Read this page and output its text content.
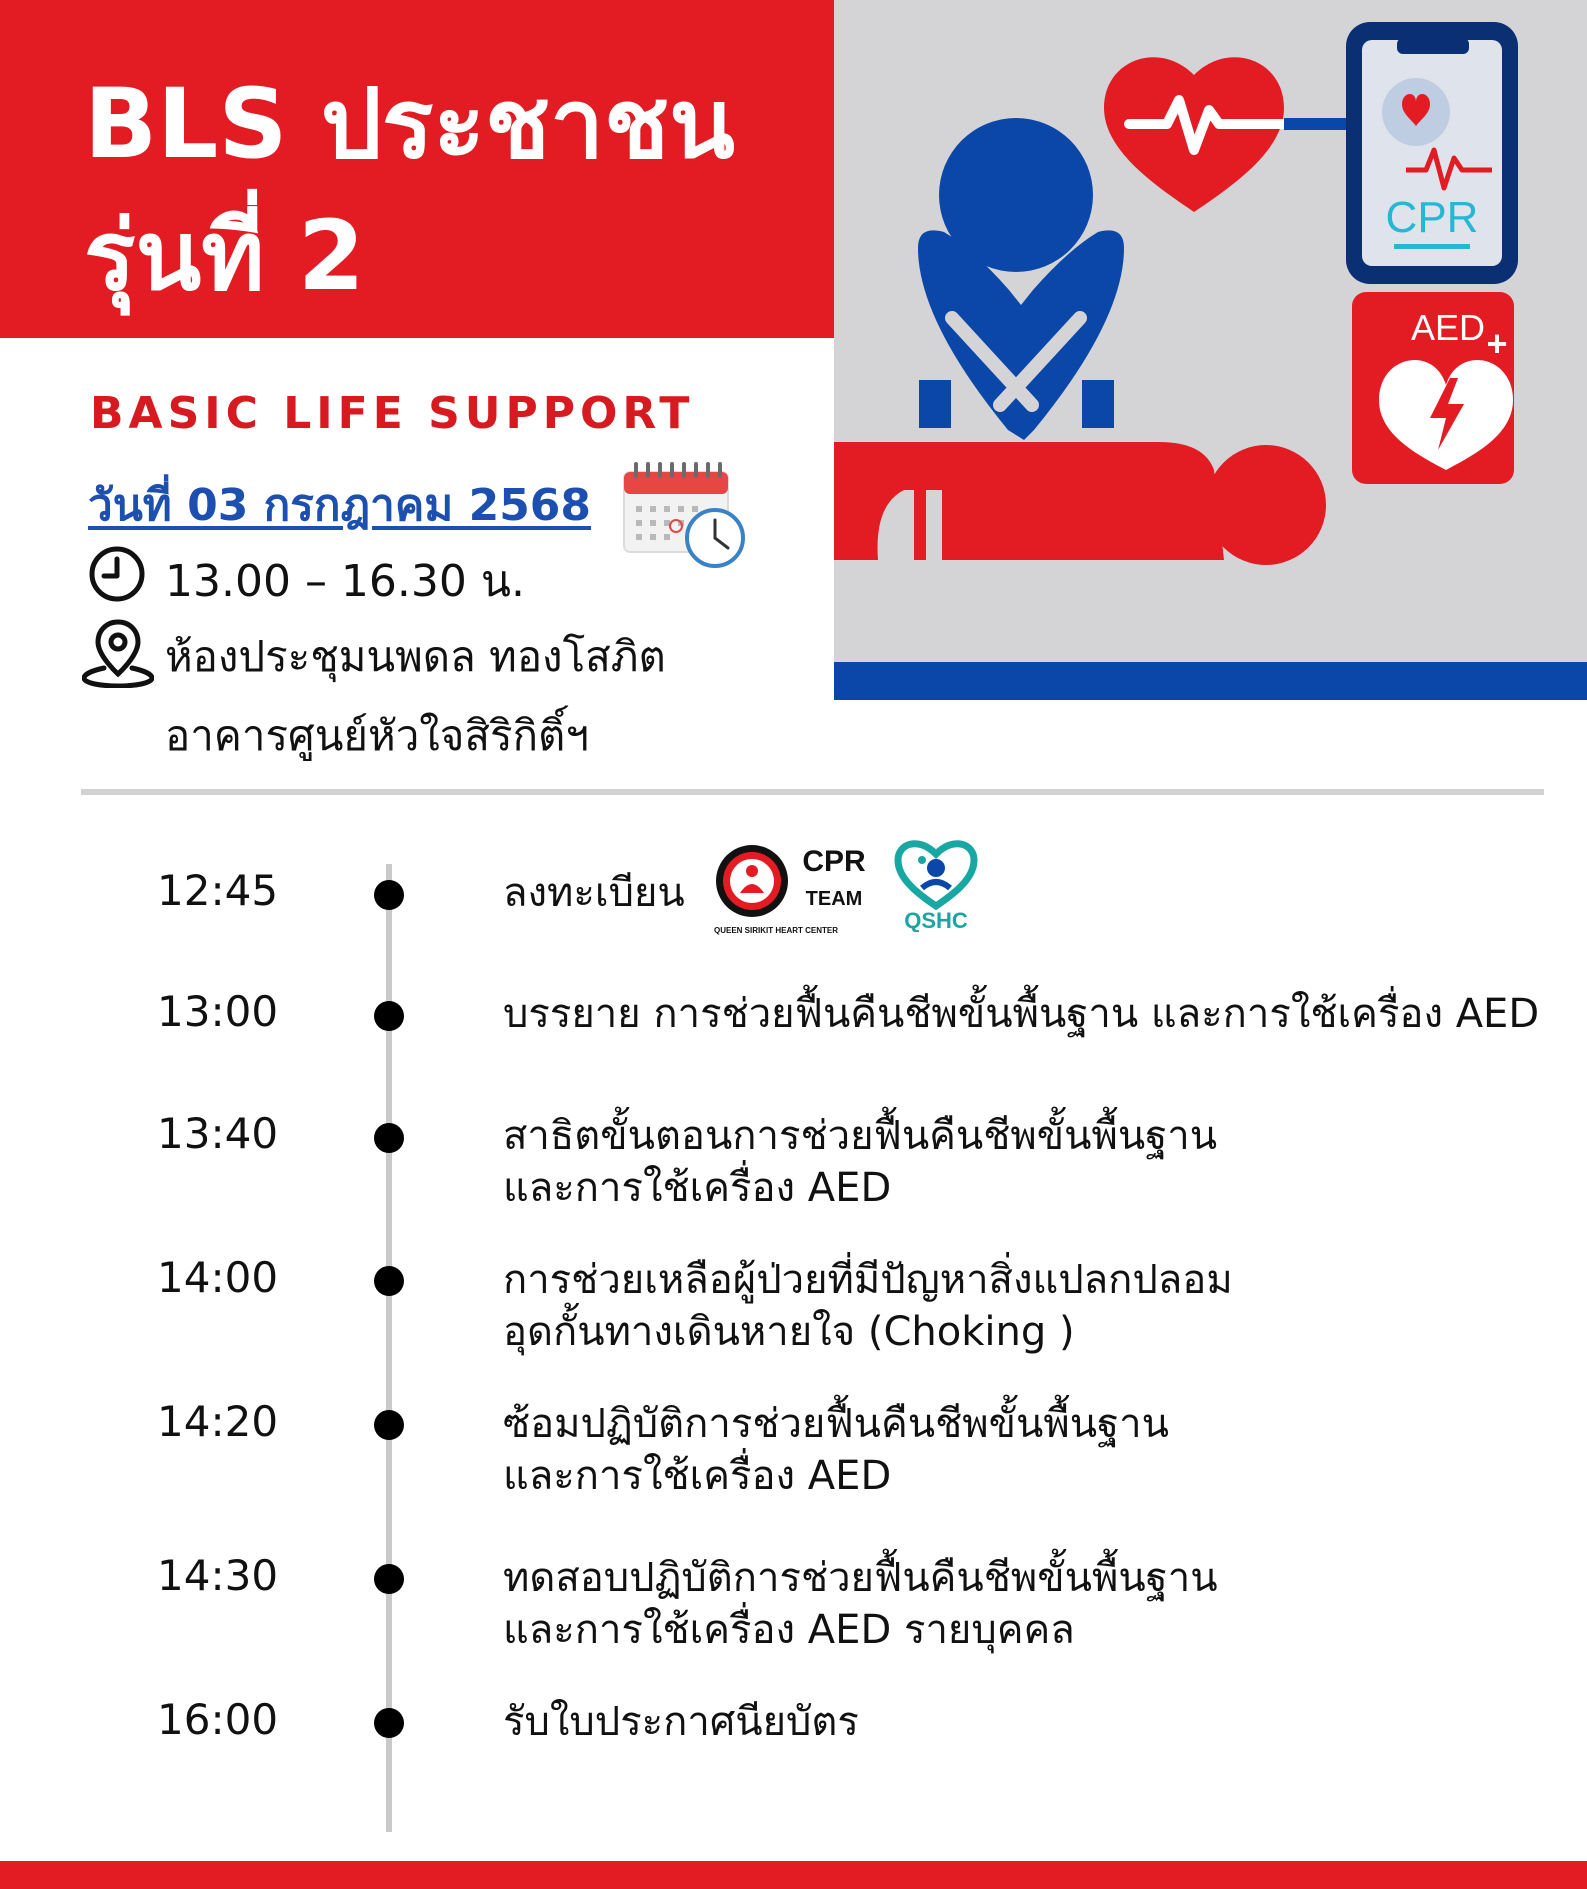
BLS ประชาชน
รุ่นที่ 2	CPR
AED +
BASIC LIFE SUPPORT
วันที่ 03 กรกฎาคม 2568
13.00 – 16.30 น.
ห้องประชุมนพดล ทองโสภิต
อาคารศูนย์หัวใจสิริกิติ์ฯ
12:45	ลงทะเบียน
CPR
TEAM
QUEEN SIRIKIT HEART CENTER	QSHC
13:00	บรรยาย การช่วยฟื้นคืนชีพขั้นพื้นฐาน และการใช้เครื่อง AED
13:40	สาธิตขั้นตอนการช่วยฟื้นคืนชีพขั้นพื้นฐาน
และการใช้เครื่อง AED
14:00	การช่วยเหลือผู้ป่วยที่มีปัญหาสิ่งแปลกปลอม
อุดกั้นทางเดินหายใจ (Choking )
14:20	ซ้อมปฏิบัติการช่วยฟื้นคืนชีพขั้นพื้นฐาน
และการใช้เครื่อง AED
14:30	ทดสอบปฏิบัติการช่วยฟื้นคืนชีพขั้นพื้นฐาน
และการใช้เครื่อง AED รายบุคคล
16:00	รับใบประกาศนียบัตร
